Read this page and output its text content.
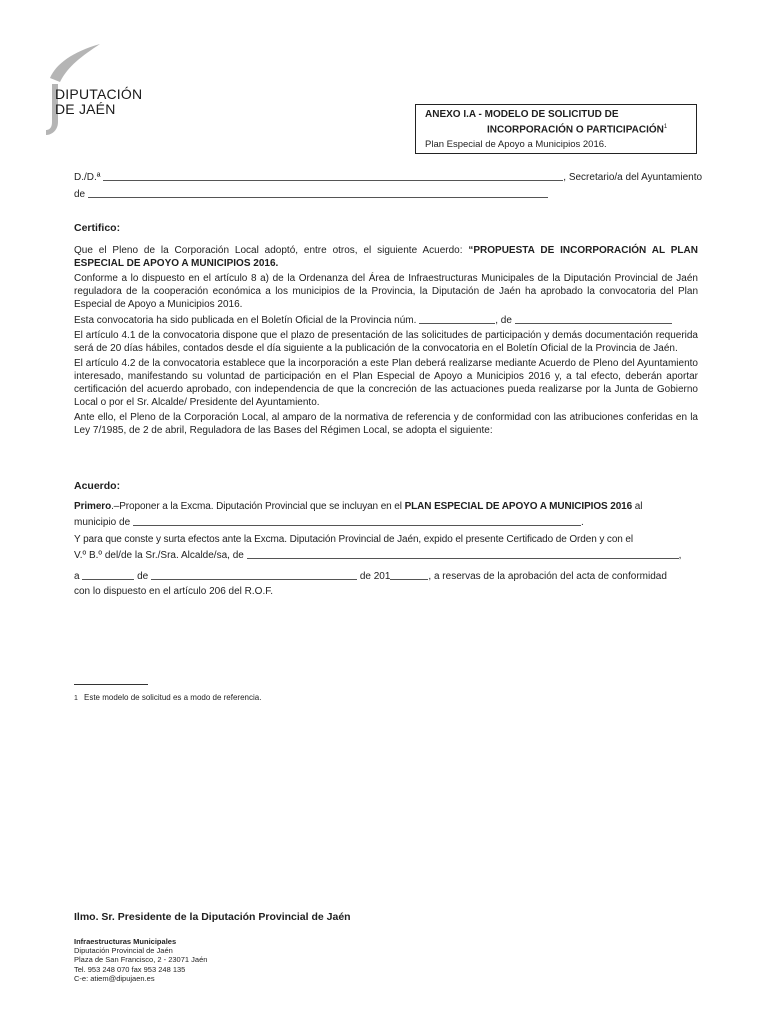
DIPUTACIÓN
DE JAÉN	ANEXO I.A - MODELO DE SOLICITUD DE
INCORPORACIÓN O PARTICIPACIÓN$^1$
Plan Especial de Apoyo a Municipios 2016.
D./D.ª	, Secretario/a del Ayuntamiento
de
Certifico:
Que el Pleno de la Corporación Local adoptó, entre otros, el siguiente Acuerdo: “PROPUESTA DE INCORPORACIÓN AL PLAN ESPECIAL DE APOYO A MUNICIPIOS 2016.
Conforme a lo dispuesto en el artículo 8 a) de la Ordenanza del Área de Infraestructuras Municipales de la Diputación Provincial de Jaén reguladora de la cooperación económica a los municipios de la Provincia, la Diputación de Jaén ha aprobado la convocatoria del Plan Especial de Apoyo a Municipios 2016.
Esta convocatoria ha sido publicada en el Boletín Oficial de la Provincia núm.	, de
El artículo 4.1 de la convocatoria dispone que el plazo de presentación de las solicitudes de participación y demás documentación requerida será de 20 días hábiles, contados desde el día siguiente a la publicación de la convocatoria en el Boletín Oficial de la Provincia de Jaén.
El artículo 4.2 de la convocatoria establece que la incorporación a este Plan deberá realizarse mediante Acuerdo de Pleno del Ayuntamiento interesado, manifestando su voluntad de participación en el Plan Especial de Apoyo a Municipios 2016 y, a tal efecto, deberán aportar certificación del acuerdo aprobado, con independencia de que la concreción de las actuaciones pueda realizarse por la Junta de Gobierno Local o por el Sr. Alcalde/ Presidente del Ayuntamiento.
Ante ello, el Pleno de la Corporación Local, al amparo de la normativa de referencia y de conformidad con las atribuciones conferidas en la Ley 7/1985, de 2 de abril, Reguladora de las Bases del Régimen Local, se adopta el siguiente:
Acuerdo:
Primero.–Proponer a la Excma. Diputación Provincial que se incluyan en el PLAN ESPECIAL DE APOYO A MUNICIPIOS 2016 al
municipio de	.
Y para que conste y surta efectos ante la Excma. Diputación Provincial de Jaén, expido el presente Certificado de Orden y con el
V.º B.º del/de la Sr./Sra. Alcalde/sa, de	,
a	de	de 201	, a reservas de la aprobación del acta de conformidad
con lo dispuesto en el artículo 206 del R.O.F.
1 Este modelo de solicitud es a modo de referencia.
Ilmo. Sr. Presidente de la Diputación Provincial de Jaén
Infraestructuras Municipales
Diputación Provincial de Jaén
Plaza de San Francisco, 2 - 23071 Jaén
Tel. 953 248 070 fax 953 248 135
C-e: atiem@dipujaen.es
